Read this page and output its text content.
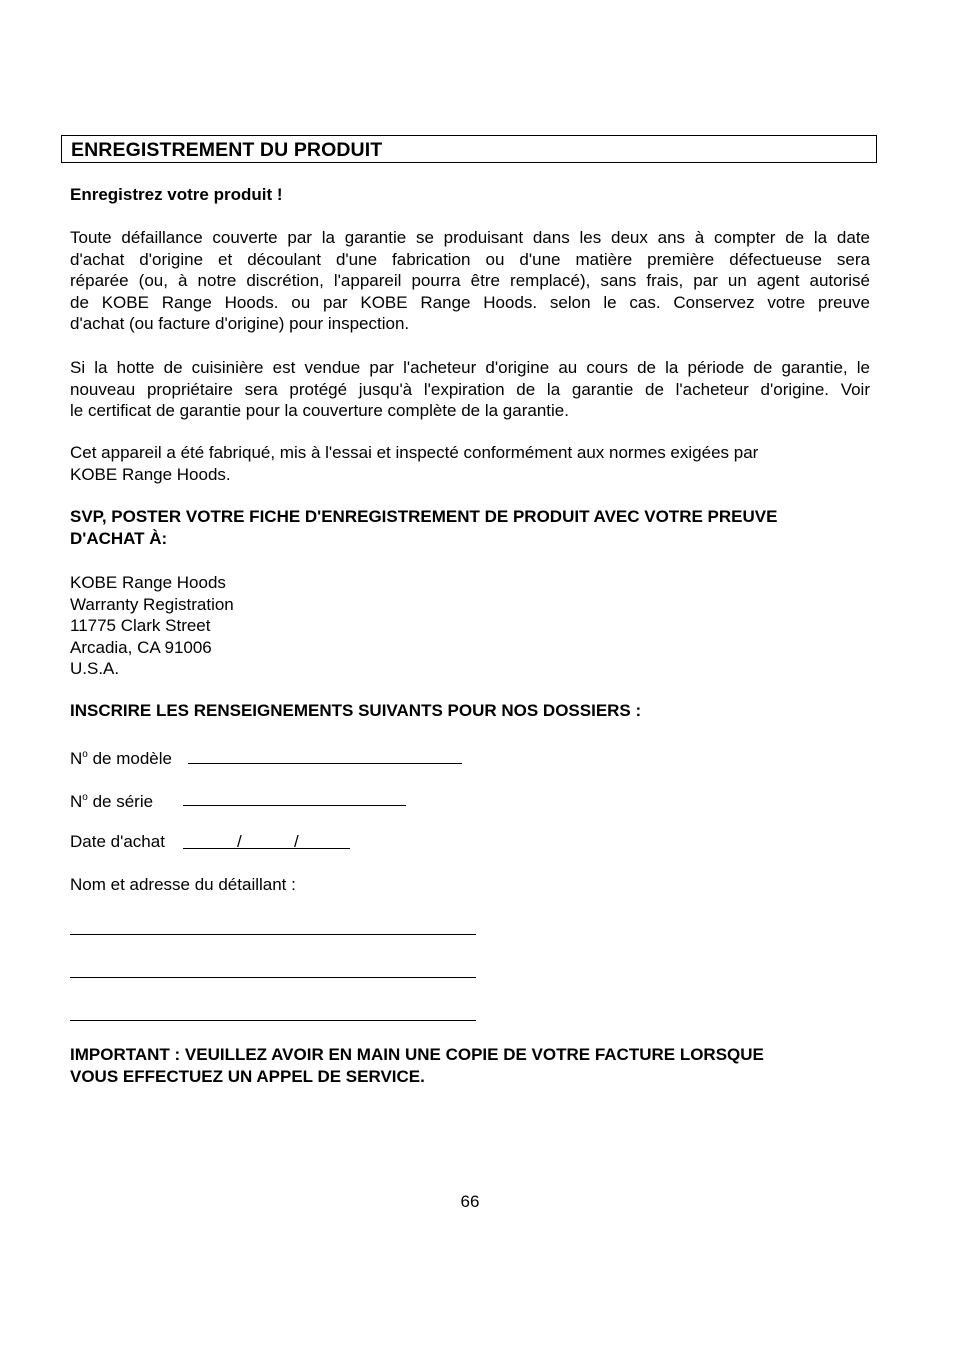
ENREGISTREMENT DU PRODUIT
Enregistrez votre produit !
Toute défaillance couverte par la garantie se produisant dans les deux ans à compter de la date
d'achat d'origine et découlant d'une fabrication ou d'une matière première défectueuse sera
réparée (ou, à notre discrétion, l'appareil pourra être remplacé), sans frais, par un agent autorisé
de KOBE Range Hoods. ou par KOBE Range Hoods. selon le cas. Conservez votre preuve
d'achat (ou facture d'origine) pour inspection.
Si la hotte de cuisinière est vendue par l'acheteur d'origine au cours de la période de garantie, le
nouveau propriétaire sera protégé jusqu'à l'expiration de la garantie de l'acheteur d'origine. Voir
le certificat de garantie pour la couverture complète de la garantie.
Cet appareil a été fabriqué, mis à l'essai et inspecté conformément aux normes exigées par
KOBE Range Hoods.
SVP, POSTER VOTRE FICHE D'ENREGISTREMENT DE PRODUIT AVEC VOTRE PREUVE
D'ACHAT À:
KOBE Range Hoods
Warranty Registration
11775 Clark Street
Arcadia, CA 91006
U.S.A.
INSCRIRE LES RENSEIGNEMENTS SUIVANTS POUR NOS DOSSIERS :
$N^o$ de modèle
$N^o$ de série
Date d'achat	/	/
Nom et adresse du détaillant :
IMPORTANT : VEUILLEZ AVOIR EN MAIN UNE COPIE DE VOTRE FACTURE LORSQUE
VOUS EFFECTUEZ UN APPEL DE SERVICE.
66
